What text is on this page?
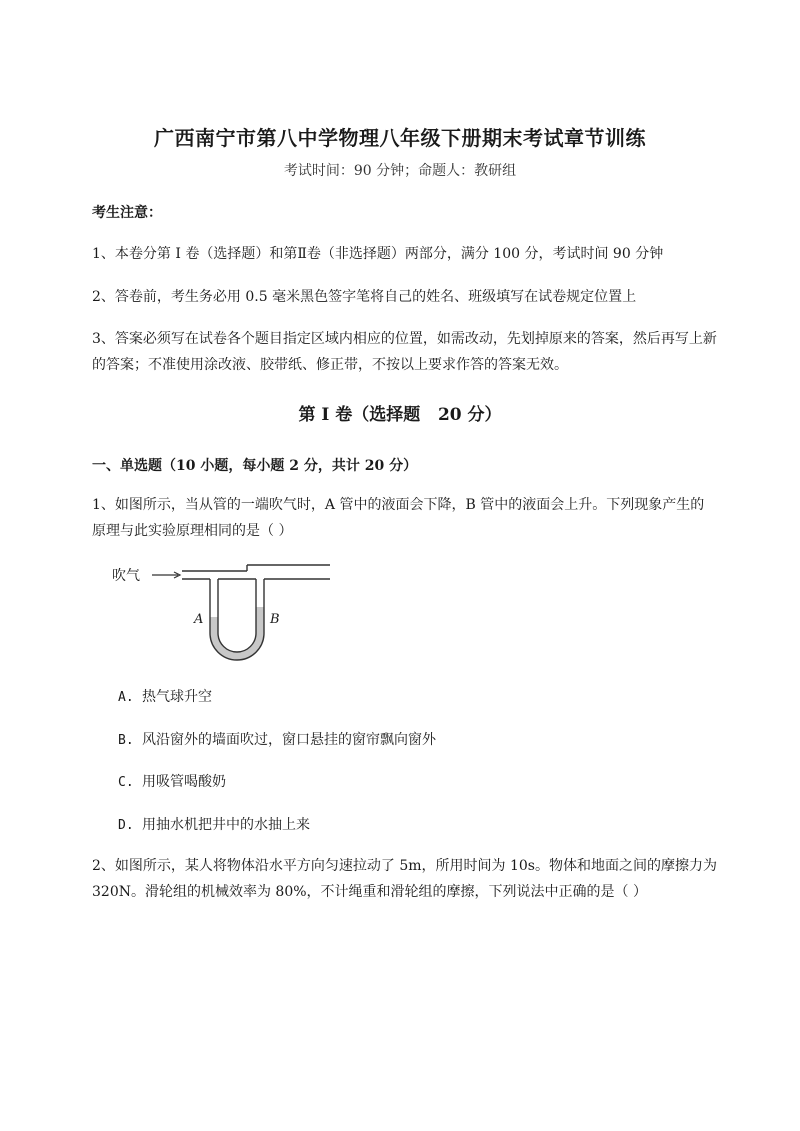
广西南宁市第八中学物理八年级下册期末考试章节训练
考试时间：90 分钟；命题人：教研组
考生注意：
1、本卷分第 I 卷（选择题）和第Ⅱ卷（非选择题）两部分，满分 100 分，考试时间 90 分钟
2、答卷前，考生务必用 0.5 毫米黑色签字笔将自己的姓名、班级填写在试卷规定位置上
3、答案必须写在试卷各个题目指定区域内相应的位置，如需改动，先划掉原来的答案，然后再写上新的答案；不准使用涂改液、胶带纸、修正带，不按以上要求作答的答案无效。
第 I 卷（选择题   20 分）
一、单选题（10 小题，每小题 2 分，共计 20 分）
1、如图所示，当从管的一端吹气时，A 管中的液面会下降，B 管中的液面会上升。下列现象产生的原理与此实验原理相同的是（ ）
吹气
A	B
A. 热气球升空
B. 风沿窗外的墙面吹过，窗口悬挂的窗帘飘向窗外
C. 用吸管喝酸奶
D. 用抽水机把井中的水抽上来
2、如图所示，某人将物体沿水平方向匀速拉动了 5m，所用时间为 10s。物体和地面之间的摩擦力为 320N。滑轮组的机械效率为 80%，不计绳重和滑轮组的摩擦，下列说法中正确的是（ ）
